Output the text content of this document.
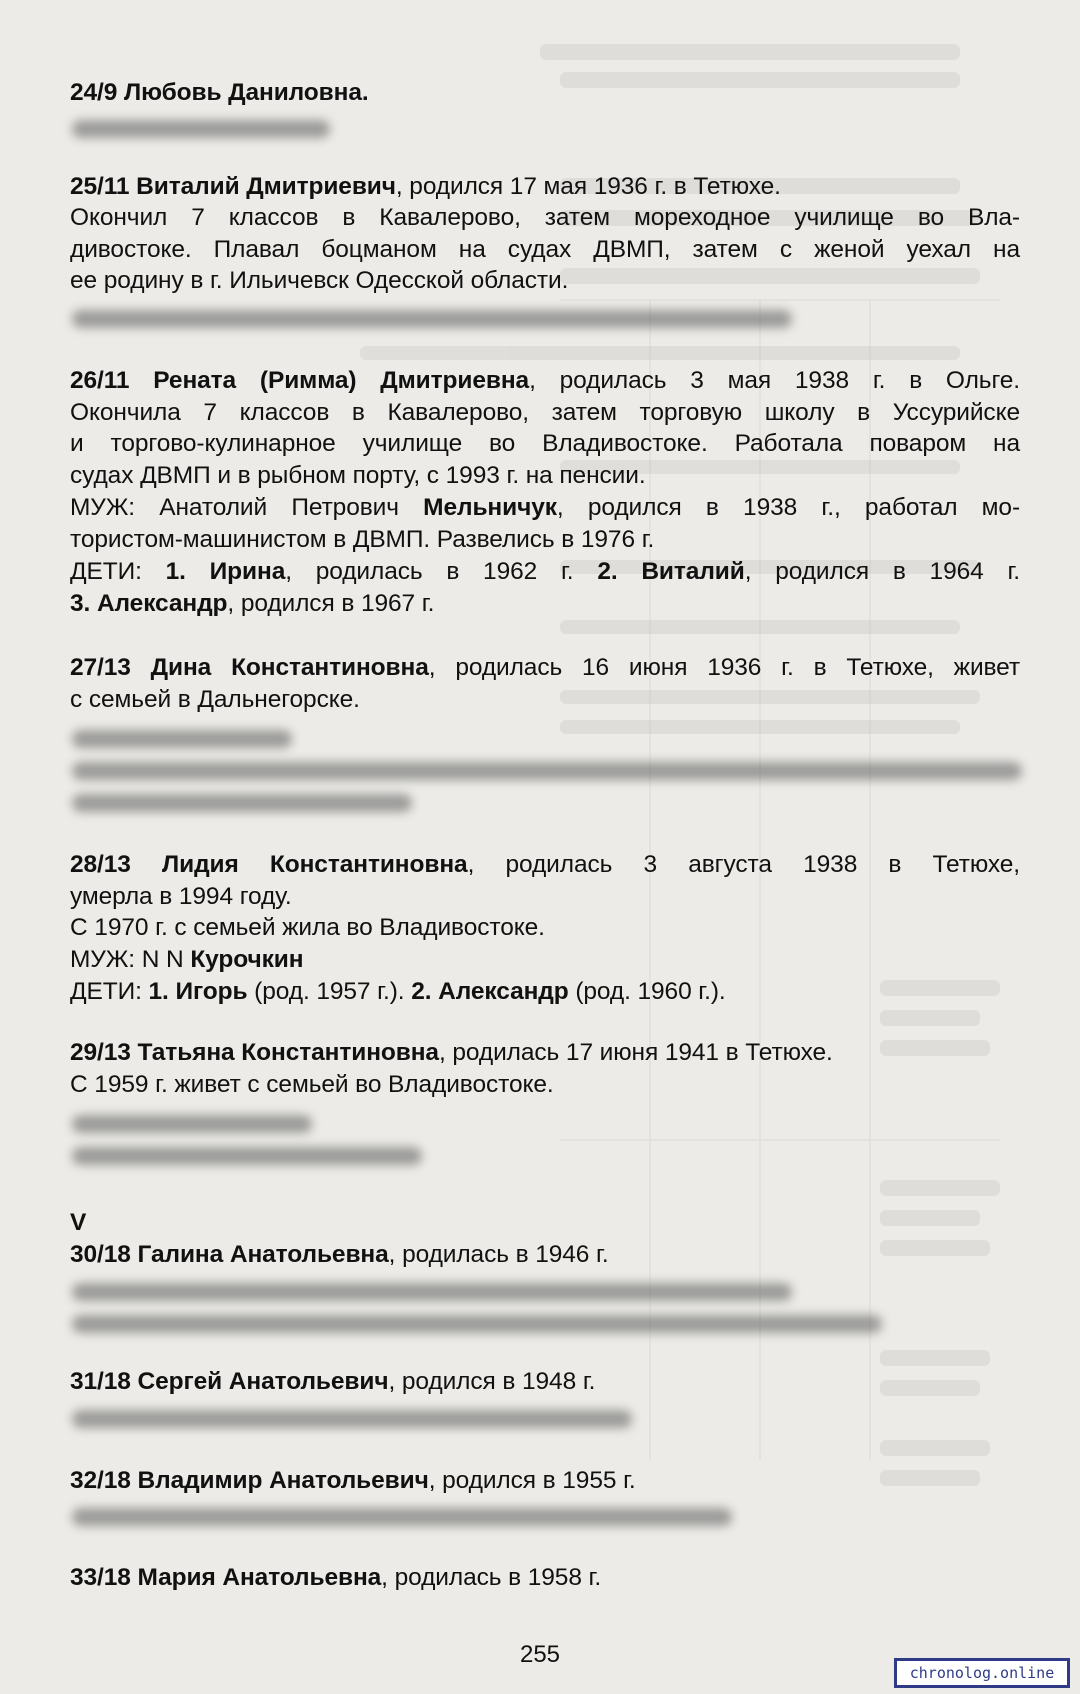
24/9 Любовь Даниловна.
25/11 Виталий Дмитриевич, родился 17 мая 1936 г. в Тетюхе.
Окончил 7 классов в Кавалерово, затем мореходное училище во Вла-
дивостоке. Плавал боцманом на судах ДВМП, затем с женой уехал на
ее родину в г. Ильичевск Одесской области.
26/11 Рената (Римма) Дмитриевна, родилась 3 мая 1938 г. в Ольге.
Окончила 7 классов в Кавалерово, затем торговую школу в Уссурийске
и торгово-кулинарное училище во Владивостоке. Работала поваром на
судах ДВМП и в рыбном порту, с 1993 г. на пенсии.
МУЖ: Анатолий Петрович Мельничук, родился в 1938 г., работал мо-
тористом-машинистом в ДВМП. Развелись в 1976 г.
ДЕТИ: 1. Ирина, родилась в 1962 г. 2. Виталий, родился в 1964 г.
3. Александр, родился в 1967 г.
27/13 Дина Константиновна, родилась 16 июня 1936 г. в Тетюхе, живет
с семьей в Дальнегорске.
28/13 Лидия Константиновна, родилась 3 августа 1938 в Тетюхе,
умерла в 1994 году.
С 1970 г. с семьей жила во Владивостоке.
МУЖ: N N Курочкин
ДЕТИ: 1. Игорь (род. 1957 г.). 2. Александр (род. 1960 г.).
29/13 Татьяна Константиновна, родилась 17 июня 1941 в Тетюхе.
С 1959 г. живет с семьей во Владивостоке.
V
30/18 Галина Анатольевна, родилась в 1946 г.
31/18 Сергей Анатольевич, родился в 1948 г.
32/18 Владимир Анатольевич, родился в 1955 г.
33/18 Мария Анатольевна, родилась в 1958 г.
255
chronolog.online
